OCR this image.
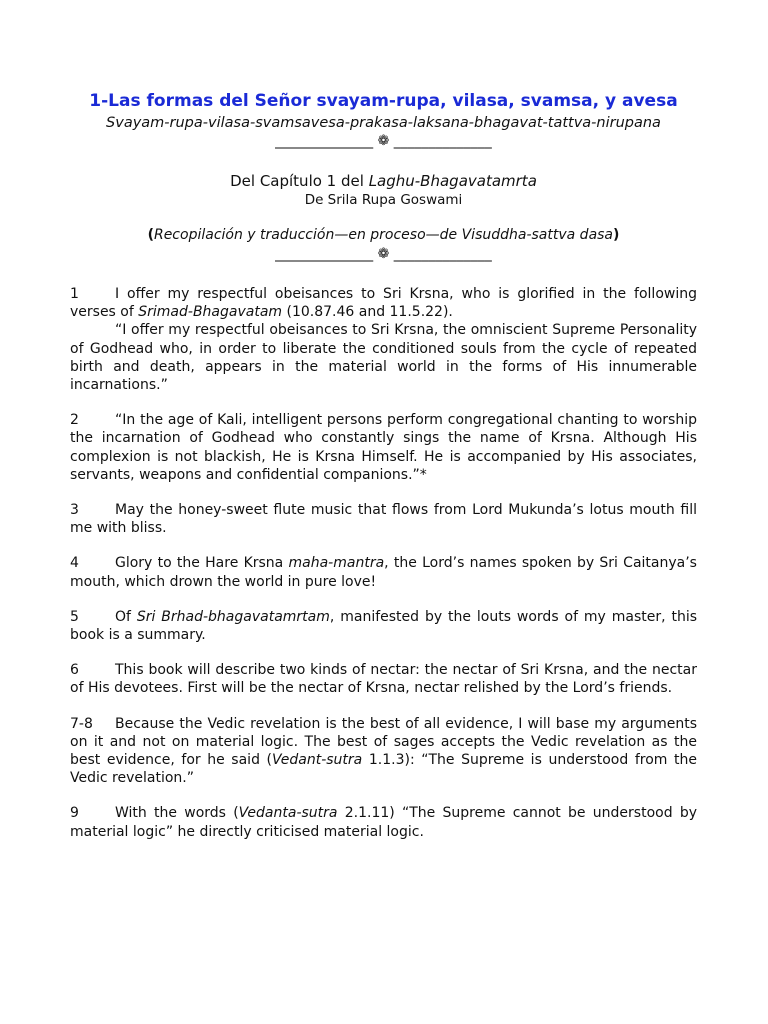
1-Las formas del Señor svayam-rupa, vilasa, svamsa, y avesa

Svayam-rupa-vilasa-svamsavesa-prakasa-laksana-bhagavat-tattva-nirupana

______________ ❁ ______________

Del Capítulo 1 del Laghu-Bhagavatamrta

De Srila Rupa Goswami

(Recopilación y traducción—en proceso—de Visuddha-sattva dasa)

______________ ❁ ______________

1	I offer my respectful obeisances to Sri Krsna, who is glorified in the following verses of Srimad-Bhagavatam (10.87.46 and 11.5.22).

“I offer my respectful obeisances to Sri Krsna, the omniscient Supreme Personality of Godhead who, in order to liberate the conditioned souls from the cycle of repeated birth and death, appears in the material world in the forms of His innumerable incarnations.”

2	“In the age of Kali, intelligent persons perform congregational chanting to worship the incarnation of Godhead who constantly sings the name of Krsna. Although His complexion is not blackish, He is Krsna Himself. He is accompanied by His associates, servants, weapons and confidential companions.”*

3	May the honey-sweet flute music that flows from Lord Mukunda’s lotus mouth fill me with bliss.

4	Glory to the Hare Krsna maha-mantra, the Lord’s names spoken by Sri Caitanya’s mouth, which drown the world in pure love!

5	Of Sri Brhad-bhagavatamrtam, manifested by the louts words of my master, this book is a summary.

6	This book will describe two kinds of nectar: the nectar of Sri Krsna, and the nectar of His devotees. First will be the nectar of Krsna, nectar relished by the Lord’s friends.

7-8 Because the Vedic revelation is the best of all evidence, I will base my arguments on it and not on material logic. The best of sages accepts the Vedic revelation as the best evidence, for he said (Vedant-sutra 1.1.3): “The Supreme is understood from the Vedic revelation.”

9	With the words (Vedanta-sutra 2.1.11) “The Supreme cannot be understood by material logic” he directly criticised material logic.
